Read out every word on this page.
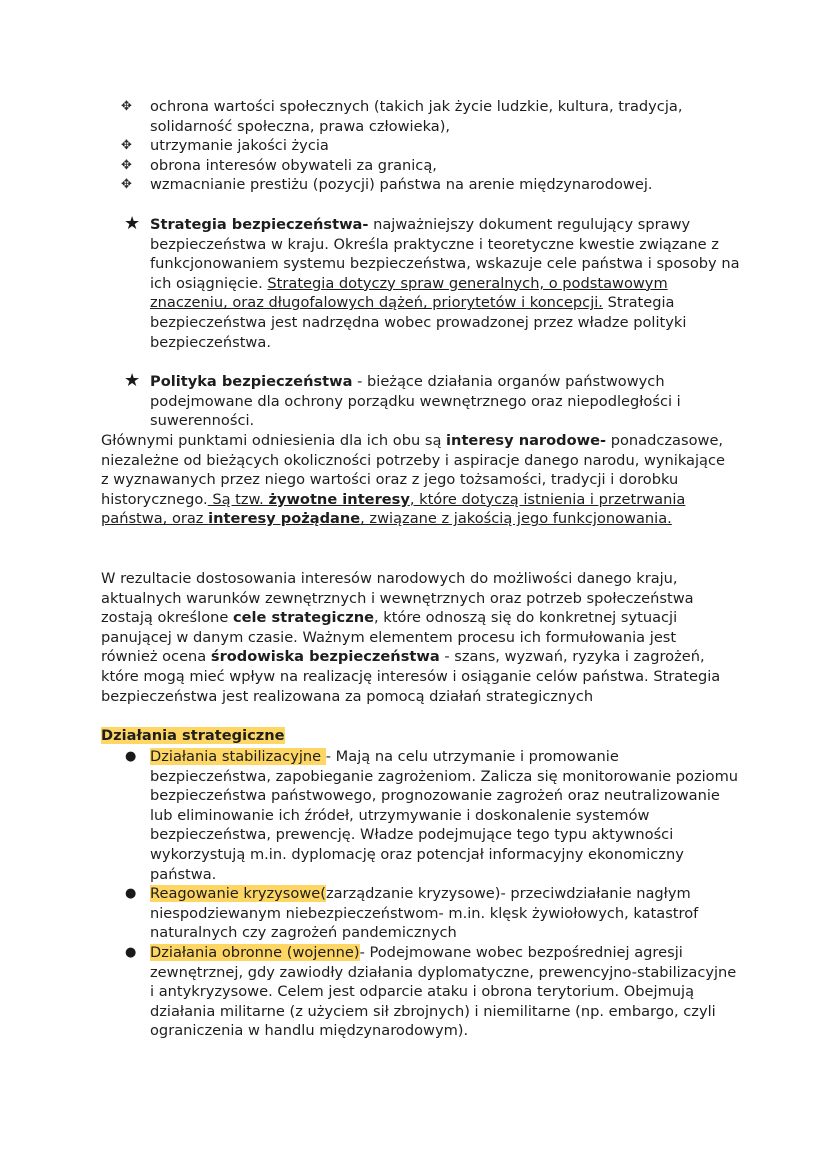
✥	ochrona wartości społecznych (takich jak życie ludzkie, kultura, tradycja, solidarność społeczna, prawa człowieka),
✥	utrzymanie jakości życia
✥	obrona interesów obywateli za granicą,
✥	wzmacnianie prestiżu (pozycji) państwa na arenie międzynarodowej.
★ Strategia bezpieczeństwa- najważniejszy dokument regulujący sprawy bezpieczeństwa w kraju. Określa praktyczne i teoretyczne kwestie związane z funkcjonowaniem systemu bezpieczeństwa, wskazuje cele państwa i sposoby na ich osiągnięcie. Strategia dotyczy spraw generalnych, o podstawowym znaczeniu, oraz długofalowych dążeń, priorytetów i koncepcji. Strategia bezpieczeństwa jest nadrzędna wobec prowadzonej przez władze polityki bezpieczeństwa.
★ Polityka bezpieczeństwa - bieżące działania organów państwowych podejmowane dla ochrony porządku wewnętrznego oraz niepodległości i suwerenności.

Głównymi punktami odniesienia dla ich obu są interesy narodowe- ponadczasowe, niezależne od bieżących okoliczności potrzeby i aspiracje danego narodu, wynikające z wyznawanych przez niego wartości oraz z jego tożsamości, tradycji i dorobku historycznego. Są tzw. żywotne interesy, które dotyczą istnienia i przetrwania państwa, oraz interesy pożądane, związane z jakością jego funkcjonowania.

W rezultacie dostosowania interesów narodowych do możliwości danego kraju, aktualnych warunków zewnętrznych i wewnętrznych oraz potrzeb społeczeństwa zostają określone cele strategiczne, które odnoszą się do konkretnej sytuacji panującej w danym czasie. Ważnym elementem procesu ich formułowania jest również ocena środowiska bezpieczeństwa - szans, wyzwań, ryzyka i zagrożeń, które mogą mieć wpływ na realizację interesów i osiąganie celów państwa. Strategia bezpieczeństwa jest realizowana za pomocą działań strategicznych

Działania strategiczne
● Działania stabilizacyjne - Mają na celu utrzymanie i promowanie bezpieczeństwa, zapobieganie zagrożeniom. Zalicza się monitorowanie poziomu bezpieczeństwa państwowego, prognozowanie zagrożeń oraz neutralizowanie lub eliminowanie ich źródeł, utrzymywanie i doskonalenie systemów bezpieczeństwa, prewencję. Władze podejmujące tego typu aktywności wykorzystują m.in. dyplomację oraz potencjał informacyjny ekonomiczny państwa.
● Reagowanie kryzysowe(zarządzanie kryzysowe)- przeciwdziałanie nagłym niespodziewanym niebezpieczeństwom- m.in. klęsk żywiołowych, katastrof naturalnych czy zagrożeń pandemicznych
● Działania obronne (wojenne)- Podejmowane wobec bezpośredniej agresji zewnętrznej, gdy zawiodły działania dyplomatyczne, prewencyjno-stabilizacyjne i antykryzysowe. Celem jest odparcie ataku i obrona terytorium. Obejmują działania militarne (z użyciem sił zbrojnych) i niemilitarne (np. embargo, czyli ograniczenia w handlu międzynarodowym).
